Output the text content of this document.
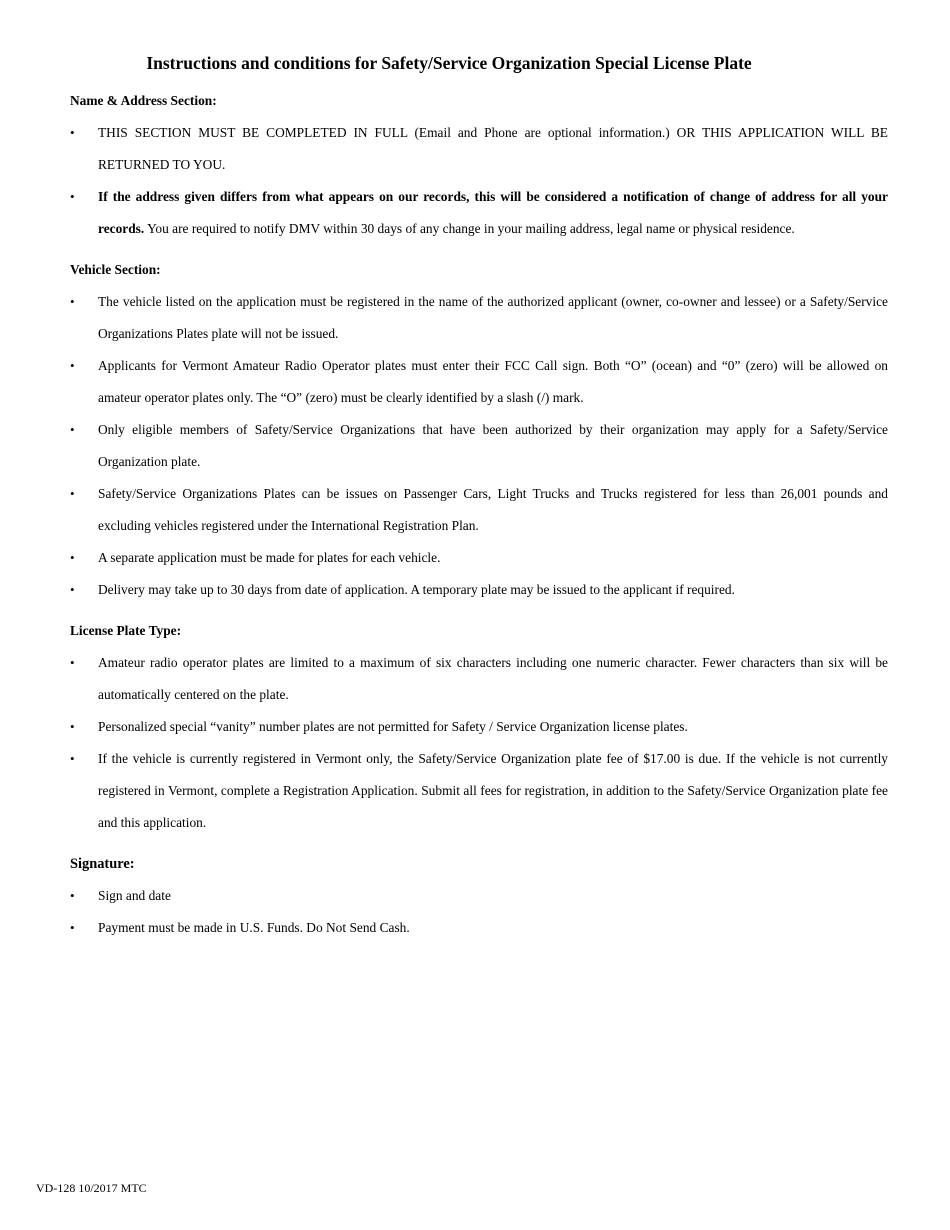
Instructions and conditions for Safety/Service Organization Special License Plate
Name & Address Section:
• THIS SECTION MUST BE COMPLETED IN FULL (Email and Phone are optional information.) OR THIS APPLICATION WILL BE RETURNED TO YOU.
• If the address given differs from what appears on our records, this will be considered a notification of change of address for all your records. You are required to notify DMV within 30 days of any change in your mailing address, legal name or physical residence.
Vehicle Section:
• The vehicle listed on the application must be registered in the name of the authorized applicant (owner, co-owner and lessee) or a Safety/Service Organizations Plates plate will not be issued.
• Applicants for Vermont Amateur Radio Operator plates must enter their FCC Call sign. Both “O” (ocean) and “0” (zero) will be allowed on amateur operator plates only. The “O” (zero) must be clearly identified by a slash (/) mark.
• Only eligible members of Safety/Service Organizations that have been authorized by their organization may apply for a Safety/Service Organization plate.
• Safety/Service Organizations Plates can be issues on Passenger Cars, Light Trucks and Trucks registered for less than 26,001 pounds and excluding vehicles registered under the International Registration Plan.
• A separate application must be made for plates for each vehicle.
• Delivery may take up to 30 days from date of application. A temporary plate may be issued to the applicant if required.
License Plate Type:
• Amateur radio operator plates are limited to a maximum of six characters including one numeric character. Fewer characters than six will be automatically centered on the plate.
• Personalized special “vanity” number plates are not permitted for Safety / Service Organization license plates.
• If the vehicle is currently registered in Vermont only, the Safety/Service Organization plate fee of $17.00 is due. If the vehicle is not currently registered in Vermont, complete a Registration Application. Submit all fees for registration, in addition to the Safety/Service Organization plate fee and this application.
Signature:
• Sign and date
• Payment must be made in U.S. Funds. Do Not Send Cash.
VD-128 10/2017 MTC
